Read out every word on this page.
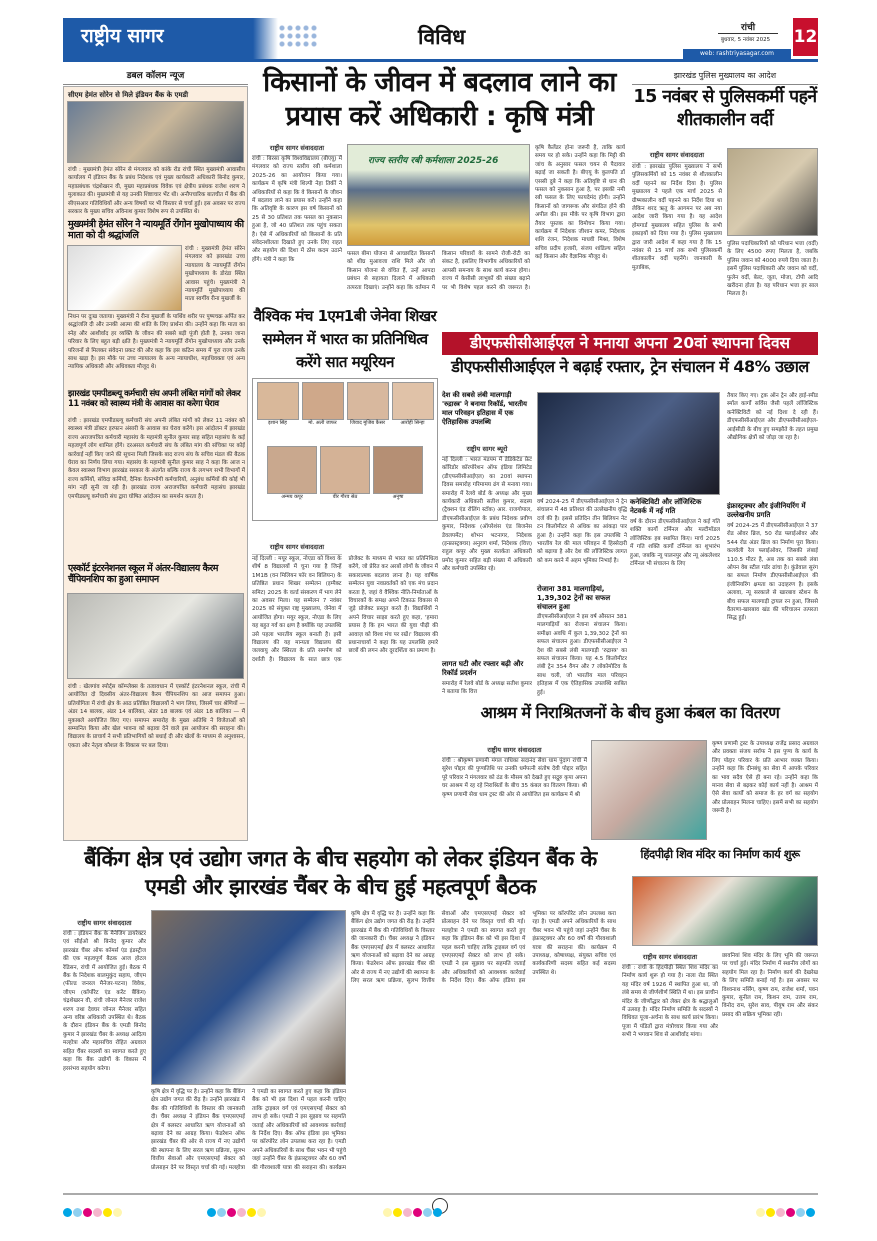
राष्ट्रीय सागर	विविध	रांची
बुधवार, 5 नवंबर 2025	12
web: rashtriyasagar.com
डबल कॉलम न्यूज
सीएम हेमंत सोरेन से मिले इंडियन बैंक के एमडी
रांची : मुख्यमंत्री हेमंत सोरेन से मंगलवार को कांके रोड रांची स्थित मुख्यमंत्री आवासीय कार्यालय में इंडियन बैंक के प्रबंध निदेशक एवं मुख्य कार्यकारी अधिकारी बिनोद कुमार, महाप्रबंधक चंद्रशेखरन वी, मुख्य महाप्रबंधक विवेक एवं क्षेत्रीय प्रबंधक राजेश शरण ने मुलाकात की। मुख्यमंत्री से यह उनकी शिष्टाचार भेंट थी। अनौपचारिक बातचीत में बैंक की सीएसआर गतिविधियों और अन्य विषयों पर भी विस्तार से चर्चा हुई। इस अवसर पर राज्य सरकार के मुख्य सचिव अविनाश कुमार विशेष रूप से उपस्थित थे।
मुख्यमंत्री हेमंत सोरेन ने न्यायमूर्ति रोंगोन मुखोपाध्याय की माता को दी श्रद्धांजलि
रांची : मुख्यमंत्री हेमंत सोरेन मंगलवार को झारखंड उच्च न्यायालय के न्यायमूर्ति रोंगोन मुखोपाध्याय के डोरंडा स्थित आवास पहुंचे। मुख्यमंत्री ने न्यायमूर्ति मुखोपाध्याय की माता स्वर्गीय रीना मुखर्जी के
निधन पर दुःख जताया। मुख्यमंत्री ने रीना मुखर्जी के पार्थिव शरीर पर पुष्पचक्र अर्पित कर श्रद्धांजलि दी और उनकी आत्मा की शांति के लिए प्रार्थना की। उन्होंने कहा कि माता का स्नेह और आशीर्वाद हर व्यक्ति के जीवन की सबसे बड़ी पूंजी होती है, उनका जाना परिवार के लिए बहुत बड़ी क्षति है। मुख्यमंत्री ने न्यायमूर्ति रोंगोन मुखोपाध्याय और उनके परिजनों से मिलकर संवेदना प्रकट की और कहा कि इस कठिन समय में पूरा राज्य उनके साथ खड़ा है। इस मौके पर उच्च न्यायालय के अन्य न्यायाधीश, महाधिवक्ता एवं अन्य न्यायिक अधिकारी और अधिवक्ता मौजूद थे।
झारखंड एमपीडब्ल्यू कर्मचारी संघ अपनी लंबित मांगों को लेकर 11 नवंबर को स्वास्थ्य मंत्री के आवास का करेगा घेराव
रांची : झारखंड एमपीडब्ल्यू कर्मचारी संघ अपनी लंबित मांगों को लेकर 11 नवंबर को स्वास्थ्य मंत्री डॉक्टर इरफान अंसारी के आवास का घेराव करेंगे। इस आंदोलन में झारखंड राज्य अराजपत्रित कर्मचारी महासंघ के महामंत्री सुनील कुमार साह सहित महासंघ के कई महत्वपूर्ण लोग शामिल होंगे। दरअसल कर्मचारी संघ के लंबित मांग की संचिका पर कोई कार्रवाई नहीं किए जाने की सूचना मिली जिसके बाद राज्य संघ के सचिव मंडल की बैठक घेराव का निर्णय लिया गया। महासंघ के महामंत्री सुनील कुमार साह ने कहा कि आज न केवल स्वास्थ्य विभाग झारखंड सरकार के अंतर्गत बल्कि राज्य के लगभग सभी विभागों में राज्य कर्मियों, संविदा कर्मियों, दैनिक वेतनभोगी कर्मचारियों, अनुबंध कर्मियों की कोई भी मांग नहीं सुनी जा रही है। झारखंड राज्य अराजपत्रित कर्मचारी महासंघ झारखंड एमपीडब्ल्यू कर्मचारी संघ द्वारा घोषित आंदोलन का समर्थन करता है।
एस्कॉर्ट इंटरनेशनल स्कूल में अंतर-विद्यालय कैरम चैंपियनशिप का हुआ समापन
रांची : खेलगांव स्पोर्ट्स कॉम्प्लेक्स के तत्वावधान में एस्कॉर्ट इंटरनेशनल स्कूल, रांची में आयोजित दो दिवसीय अंतर-विद्यालय कैरम चैंपियनशिप का आज समापन हुआ। प्रतियोगिता में रांची क्षेत्र के आठ प्रतिष्ठित विद्यालयों ने भाग लिया, जिसमें चार श्रेणियों — अंडर 14 बालक, अंडर 14 बालिका, अंडर 18 बालक एवं अंडर 18 बालिका — में मुकाबले आयोजित किए गए। समापन समारोह के मुख्य अतिथि ने विजेताओं को सम्मानित किया और खेल भावना को बढ़ावा देने वाले इस आयोजन की सराहना की। विद्यालय के प्राचार्य ने सभी प्रतिभागियों को बधाई दी और खेलों के माध्यम से अनुशासन, एकता और नेतृत्व कौशल के विकास पर बल दिया।
किसानों के जीवन में बदलाव लाने का प्रयास करें अधिकारी : कृषि मंत्री
राष्ट्रीय सागर संवाददाता
रांची : बिरसा कृषि विश्वविद्यालय (बीएयू) में मंगलवार को राज्य स्तरीय रबी कर्मशाला 2025-26 का आयोजन किया गया। कार्यक्रम में कृषि मंत्री शिल्पी नेहा तिर्की ने अधिकारियों से कहा कि वे किसानों के जीवन में बदलाव लाने का प्रयास करें। उन्होंने कहा कि अतिवृष्टि के कारण इस वर्ष किसानों को 25 से 30 प्रतिशत तक फसल का नुकसान हुआ है, जो 40 प्रतिशत तक पहुंच सकता है। ऐसे में अधिकारियों को किसानों के प्रति संवेदनशीलता दिखाते हुए उनके लिए राहत और सहयोग की दिशा में ठोस कदम उठाने होंगे। मंत्री ने कहा कि
राज्य स्तरीय रबी कर्मशाला 2025-26
फसल बीमा योजना से आच्छादित किसानों को शीघ्र मुआवजा राशि मिले और जो किसान योजना से वंचित हैं, उन्हें आपदा प्रबंधन से सहायता दिलाने में अधिकारी तत्परता दिखाएं। उन्होंने कहा कि वर्तमान में किसान परिवारों के सामने रोजी-रोटी का संकट है, इसलिए विभागीय अधिकारियों को आपसी समन्वय के साथ कार्य करना होगा। राज्य में केसीसी लाभुकों की संख्या बढ़ाने पर भी विशेष पहल करने की जरूरत है।
कृषि कैलेंडर होना जरूरी है, ताकि कार्य समय पर हो सके। उन्होंने कहा कि मिट्टी की जांच के अनुसार फसल चयन से पैदावार बढ़ाई जा सकती है। बीएयू के कुलपति डॉ एससी दुबे ने कहा कि अतिवृष्टि से धान की फसल को नुकसान हुआ है, पर इसकी नमी रबी फसल के लिए फायदेमंद होगी। उन्होंने किसानों को जागरूक और संगठित होने की अपील की। इस मौके पर कृषि विभाग द्वारा तैयार पुस्तक का विमोचन किया गया। कार्यक्रम में निदेशक जीशान कमर, निदेशक शशि रंजन, निदेशक माधवी मिश्रा, विशेष सचिव प्रदीप हजारी, संजय शांडिल्य सहित कई किसान और वैज्ञानिक मौजूद थे।
झारखंड पुलिस मुख्यालय का आदेश
15 नवंबर से पुलिसकर्मी पहनें शीतकालीन वर्दी
राष्ट्रीय सागर संवाददाता
रांची : झारखंड पुलिस मुख्यालय ने सभी पुलिसकर्मियों को 15 नवंबर से शीतकालीन वर्दी पहनने का निर्देश दिया है। पुलिस मुख्यालय ने पहले एक मार्च 2025 से ग्रीष्मकालीन वर्दी पहनने का निर्देश दिया था लेकिन शरद ऋतु के आगमन पर अब नया आदेश जारी किया गया है। यह आदेश होमगार्ड मुख्यालय सहित पुलिस के सभी इकाइयों को दिया गया है। पुलिस मुख्यालय द्वारा जारी आदेश में कहा गया है कि 15 नवंबर से 15 मार्च तक सभी पुलिसकर्मी शीतकालीन वर्दी पहनेंगे। जानकारी के मुताबिक,
पुलिस पदाधिकारियों को परिधान भत्ता (वर्दी) के लिए 4500 रुपए मिलता है, जबकि पुलिस जवान को 4000 रुपये दिया जाता है। इसमें पुलिस पदाधिकारी और जवान को वर्दी, फुलेन वर्दी, बेल्ट, जूता, मोजा, टोपी आदि खरीदना होता है। यह परिधान भत्ता हर साल मिलता है।
वैश्विक मंच 1एम1बी जेनेवा शिखर सम्मेलन में भारत का प्रतिनिधित्व करेंगे सात मयूरियन
इशान सिंह	मो. अली जाफर	जिवाद मुजिब कैसर	आरोही सिन्हा
अन्मय कपूर	वीर गौरव सेठ	अनुषा
राष्ट्रीय सागर संवाददाता
नई दिल्ली : मयूर स्कूल, नोएडा को विश्व के शीर्ष 8 विद्यालयों में चुना गया है जिन्हें 1M1B (वन मिलियन फॉर वन बिलियन) के प्रतिष्ठित प्रधान शिखर सम्मेलन (इम्पैक्ट समिट) 2025 के वर्ल्ड संस्करण में भाग लेने का अवसर मिला। यह सम्मेलन 7 नवंबर 2025 को संयुक्त राष्ट्र मुख्यालय, जेनेवा में आयोजित होगा। मयूर स्कूल, नोएडा के लिए यह बहुत गर्व का क्षण है क्योंकि यह उपलब्धि उसे पहला भारतीय स्कूल बनाती है। इसी विद्यालय की यह मान्यता विद्यालय की जलवायु और स्थिरता के प्रति समर्पण को दर्शाती है। विद्यालय के सात छात्र एक प्रोजेक्ट के माध्यम से भारत का प्रतिनिधित्व करेंगे, जो प्रेरित कर अरबों लोगों के जीवन में सकारात्मक बदलाव लाना है। यह वार्षिक सम्मेलन युवा नवप्रवर्तकों को एक मंच प्रदान करता है, जहां वे वैश्विक नीति-निर्माताओं के विचारकों के समक्ष अपने टिकाऊ विकास से जुड़े प्रोजेक्ट प्रस्तुत करते हैं। विद्यार्थियों ने अपने विचार साझा करते हुए कहा, 'हमारा प्रयास है कि हम भारत की युवा पीढ़ी की आवाज़ को विश्व मंच पर रखें।' विद्यालय की प्रधानाचार्या ने कहा कि यह उपलब्धि हमारे छात्रों की लगन और दूरदर्शिता का प्रमाण है।
डीएफसीसीआईएल ने मनाया अपना 20वां स्थापना दिवस
डीएफसीसीआईएल ने बढ़ाई रफ्तार, ट्रेन संचालन में 48% उछाल
देश की सबसे लंबी मालगाड़ी 'रुद्रास्त्र' ने बनाया रिकॉर्ड, भारतीय माल परिवहन इतिहास में एक ऐतिहासिक उपलब्धि
राष्ट्रीय सागर ब्यूरो
नई दिल्ली : भारत मंडपम में डेडिकेटेड फ्रेट कॉरिडोर कॉरपोरेशन ऑफ इंडिया लिमिटेड (डीएफसीसीआईएल) का 20वां स्थापना दिवस समारोह गरिमामय ढंग से मनाया गया। समारोह में रेलवे बोर्ड के अध्यक्ष और मुख्य कार्यकारी अधिकारी सतीश कुमार, सदस्य (ट्रैक्शन एंड रोलिंग स्टॉक) आर. राजगोपाल, डीएफसीसीआईएल के प्रबंध निदेशक प्रवीण कुमार, निदेशक (ऑपरेशंस एंड बिजनेस डेवलपमेंट) शोभन भटनागर, निदेशक (इन्फ्रास्ट्रक्चर) अनुराग शर्मा, निदेशक (वित्त) राहुल कपूर और मुख्य सतर्कता अधिकारी प्रमोद कुमार सहित बड़ी संख्या में अधिकारी और कर्मचारी उपस्थित रहे।
लागत घटी और रफ्तार बढ़ी और रिकॉर्ड प्रदर्शन
समारोह में रेलवे बोर्ड के अध्यक्ष सतीश कुमार ने बताया कि वित्त
वर्ष 2024-25 में डीएफसीसीआईएल ने ट्रेन संचालन में 48 प्रतिशत की उल्लेखनीय वृद्धि दर्ज की है। इससे प्रतिदिन तीन बिलियन नेट टन किलोमीटर से अधिक का आंकड़ा पार हुआ है। उन्होंने कहा कि इस उपलब्धि ने भारतीय रेल की माल परिवहन में हिस्सेदारी को बढ़ाया है और देश की लॉजिस्टिक लागत को कम करने में अहम भूमिका निभाई है।
रोजाना 381 मालगाड़ियां, 1,39,302 ट्रेनों का सफल संचालन हुआ
डीएफसीसीआईएल ने इस वर्ष औसतन 381 मालगाड़ियों का रोजाना संचालन किया। समीक्षा अवधि में कुल 1,39,302 ट्रेनों का सफल संचालन हुआ। डीएफसीसीआईएल ने देश की सबसे लंबी मालगाड़ी 'रुद्रास्त्र' का सफल संचालन किया। यह 4.5 किलोमीटर लंबी ट्रेन 354 वैगन और 7 लोकोमोटिव के साथ चली, जो भारतीय माल परिवहन इतिहास में एक ऐतिहासिक उपलब्धि साबित हुई।
कनेक्टिविटी और लॉजिस्टिक नेटवर्क में नई गति
वर्ष के दौरान डीएफसीसीआईएल ने कई गति शक्ति कार्गो टर्मिनल और मल्टीमॉडल लॉजिस्टिक हब स्थापित किए। मार्च 2025 में गति शक्ति कार्गो टर्मिनल का शुभारंभ हुआ, जबकि न्यू पालनपुर और न्यू अंकलेश्वर टर्मिनल भी संचालन के लिए
तैयार किए गए। ट्रक ऑन ट्रेन और हाई-स्पीड स्मॉल कार्गो सर्विस जैसी पहलें लॉजिस्टिक कनेक्टिविटी को नई दिशा दे रही हैं। डीएफसीसीआईएल और डीएफसीसीआईएल-आईसीडी के बीच हुए समझौते के तहत प्रमुख औद्योगिक क्षेत्रों को जोड़ा जा रहा है।
इंफ्रास्ट्रक्चर और इंजीनियरिंग में उल्लेखनीय प्रगति
वर्ष 2024-25 में डीएफसीसीआईएल ने 37 रोड ओवर ब्रिज, 50 रोड फ्लाईओवर और 544 रोड अंडर ब्रिज का निर्माण पूरा किया। कलवेली रेल फ्लाईओवर, जिसकी लंबाई 110.5 मीटर है, अब तक का सबसे लंबा ओपन वेब स्टील गर्डर ढांचा है। कुंडेवाल सुरंग का सफल निर्माण डीएफसीसीआईएल की इंजीनियरिंग क्षमता का उदाहरण है। इसके अलावा, न्यू सरकाले से खारबाव स्टेशन के बीच सफल मालगाड़ी ट्रायल रन हुआ, जिससे वैतरणा-खारबाव खंड की परिचालन तत्परता सिद्ध हुई।
आश्रम में निराश्रितजनों के बीच हुआ कंबल का वितरण
राष्ट्रीय सागर संवाददाता
रांची : श्रीकृष्ण प्रणामी मंगल राधिका सदानंद सेवा धाम पुंदाग रांची में सुरेश पोद्दार की पुण्यतिथि पर उनकी धर्मपत्नी संतोष देवी पोद्दार सहित पूरे परिवार ने मंगलवार को ठंड के मौसम को देखते हुए सद्गुरु कृपा अपना घर आश्रम में रह रहे निराश्रितों के बीच 35 कंबल का वितरण किया। श्री कृष्ण प्रणामी सेवा धाम ट्रस्ट की ओर से आयोजित इस कार्यक्रम में श्री
कृष्ण प्रणामी ट्रस्ट के उपाध्यक्ष राजेंद्र प्रसाद अग्रवाल और प्रवक्ता संजय सर्राफ ने इस पुण्य के कार्य के लिए पोद्दार परिवार के प्रति आभार व्यक्त किया। उन्होंने कहा कि दीनबंधु का सेवा में आपके परिवार का भाव सदैव ऐसे ही बना रहे। उन्होंने कहा कि मानव सेवा से बढ़कर कोई कार्य नहीं है। आश्रम में ऐसे सेवा कार्यों को समाज के हर वर्ग का सहयोग और प्रोत्साहन मिलना चाहिए। इसमें सभी का सहयोग जरूरी है।
बैंकिंग क्षेत्र एवं उद्योग जगत के बीच सहयोग को लेकर इंडियन बैंक के एमडी और झारखंड चैंबर के बीच हुई महत्वपूर्ण बैठक
राष्ट्रीय सागर संवाददाता
रांची : इंडियन बैंक के मैनेजिंग डायरेक्टर एवं सीईओ श्री बिनोद कुमार और झारखंड चैंबर ऑफ कॉमर्स एंड इंडस्ट्रीज की एक महत्वपूर्ण बैठक आज होटल रेडिसन, रांची में आयोजित हुई। बैठक में बैंक के निदेशक बालमुकुंद सहाय, जीएम (फील्ड जनरल मैनेजर-पटना) विवेक, जीएम (कॉर्पोरेट एंड करेंट बैंकिंग) चंद्रशेखरन वी, रांची जोनल मैनेजर राजेश शरण तथा देवघर जोनल मैनेजर सहित अन्य वरिष्ठ अधिकारी उपस्थित थे। बैठक के दौरान इंडियन बैंक के एमडी बिनोद कुमार ने झारखंड चैंबर के अध्यक्ष आदित्य मल्होत्रा और महासचिव रोहित अग्रवाल सहित चैंबर सदस्यों का स्वागत करते हुए कहा कि बैंक उद्योगों के विकास में हरसंभव सहयोग करेगा।
कृषि क्षेत्र में वृद्धि पर है। उन्होंने कहा कि बैंकिंग क्षेत्र उद्योग जगत की रीढ़ है। उन्होंने झारखंड में बैंक की गतिविधियों के विस्तार की जानकारी दी। चैंबर अध्यक्ष ने इंडियन बैंक एमएसएमई क्षेत्र में क्लस्टर आधारित ऋण योजनाओं को बढ़ावा देने का आग्रह किया। फेडरेशन ऑफ झारखंड चैंबर की ओर से राज्य में नए उद्योगों की स्थापना के लिए सरल ऋण प्रक्रिया, सुलभ वित्तीय सेवाओं और एमएसएमई सेक्टर को प्रोत्साहन देने पर विस्तृत चर्चा की गई। मलहोत्रा ने एमडी का स्वागत करते हुए कहा कि इंडियन बैंक को भी इस दिशा में पहल करनी चाहिए ताकि ट्राइबल वर्ग एवं एमएसएमई सेक्टर को लाभ हो सके। एमडी ने इस सुझाव पर सहमति जताई और अधिकारियों को आवश्यक कार्रवाई के निर्देश दिए। बैंक ऑफ इंडिया इस भूमिका पर कॉरपोरेट लोन उपलब्ध करा रहा है। एमडी अपने अधिकारियों के साथ चैंबर भवन भी पहुंचे जहां उन्होंने चैंबर के इंफ्रास्ट्रक्चर और 60 वर्षों की गौरवशाली यात्रा की सराहना की। कार्यक्रम
कृषि क्षेत्र में वृद्धि पर है। उन्होंने कहा कि बैंकिंग क्षेत्र उद्योग जगत की रीढ़ है। उन्होंने झारखंड में बैंक की गतिविधियों के विस्तार की जानकारी दी। चैंबर अध्यक्ष ने इंडियन बैंक एमएसएमई क्षेत्र में क्लस्टर आधारित ऋण योजनाओं को बढ़ावा देने का आग्रह किया। फेडरेशन ऑफ झारखंड चैंबर की ओर से राज्य में नए उद्योगों की स्थापना के लिए सरल ऋण प्रक्रिया, सुलभ वित्तीय सेवाओं और एमएसएमई सेक्टर को प्रोत्साहन देने पर विस्तृत चर्चा की गई। मलहोत्रा ने एमडी का स्वागत करते हुए कहा कि इंडियन बैंक को भी इस दिशा में पहल करनी चाहिए ताकि ट्राइबल वर्ग एवं एमएसएमई सेक्टर को लाभ हो सके। एमडी ने इस सुझाव पर सहमति जताई और अधिकारियों को आवश्यक कार्रवाई के निर्देश दिए। बैंक ऑफ इंडिया इस भूमिका पर कॉरपोरेट लोन उपलब्ध करा रहा है। एमडी अपने अधिकारियों के साथ चैंबर भवन भी पहुंचे जहां उन्होंने चैंबर के इंफ्रास्ट्रक्चर और 60 वर्षों की गौरवशाली यात्रा की सराहना की। कार्यक्रम में उपाध्यक्ष, कोषाध्यक्ष, संयुक्त सचिव एवं कार्यकारिणी सदस्य सहित कई सदस्य उपस्थित थे।
हिंदपीढ़ी शिव मंदिर का निर्माण कार्य शुरू
राष्ट्रीय सागर संवाददाता
रांची : रांची के हिंदपीढ़ी स्थित शिव मंदिर का निर्माण कार्य शुरू हो गया है। नाला रोड स्थित यह मंदिर वर्ष 1926 में स्थापित हुआ था, जो लंबे समय से जीर्णशीर्ण स्थिति में था। इस प्राचीन मंदिर के जीर्णोद्धार को लेकर क्षेत्र के श्रद्धालुओं में उत्साह है। मंदिर निर्माण समिति के सदस्यों ने विधिवत पूजा-अर्चना के साथ कार्य प्रारंभ किया। पूजा में पंडितों द्वारा मंत्रोच्चार किया गया और सभी ने भगवान शिव से आशीर्वाद मांगा।
छावनियां शिव मंदिर के लिए भूमि की जरूरत पर चर्चा हुई। मंदिर निर्माण में स्थानीय लोगों का सहयोग मिल रहा है। निर्माण कार्य की देखरेख के लिए समिति बनाई गई है। इस अवसर पर विश्वनाथ नर्सिंग, कृष्ण राम, राजेश शर्मा, पवन कुमार, सुनील राम, किशन राम, उत्तम राम, विनोद राम, सुरेश साव, पीयूष राम और संकर प्रसाद की सक्रिय भूमिका रही।
